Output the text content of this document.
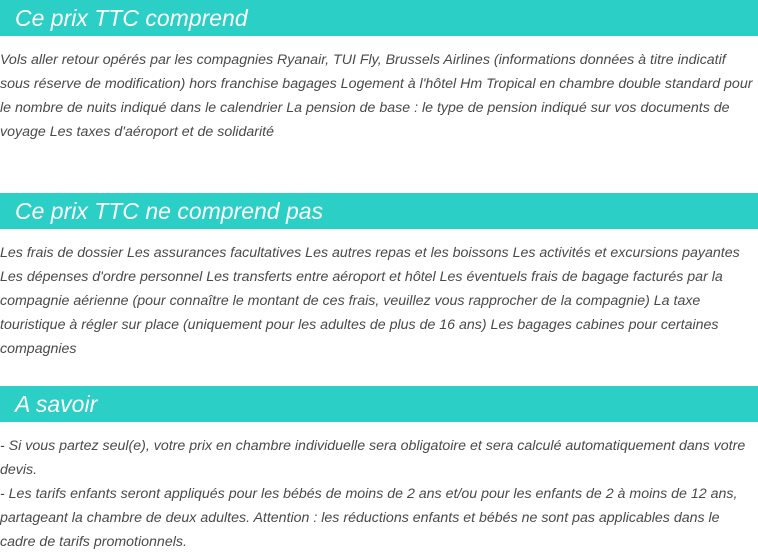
Ce prix TTC comprend

Vols aller retour opérés par les compagnies Ryanair, TUI Fly, Brussels Airlines (informations données à titre indicatif sous réserve de modification) hors franchise bagages Logement à l'hôtel Hm Tropical en chambre double standard pour le nombre de nuits indiqué dans le calendrier La pension de base : le type de pension indiqué sur vos documents de voyage Les taxes d'aéroport et de solidarité

Ce prix TTC ne comprend pas

Les frais de dossier Les assurances facultatives Les autres repas et les boissons Les activités et excursions payantes Les dépenses d'ordre personnel Les transferts entre aéroport et hôtel Les éventuels frais de bagage facturés par la compagnie aérienne (pour connaître le montant de ces frais, veuillez vous rapprocher de la compagnie) La taxe touristique à régler sur place (uniquement pour les adultes de plus de 16 ans) Les bagages cabines pour certaines compagnies

A savoir

- Si vous partez seul(e), votre prix en chambre individuelle sera obligatoire et sera calculé automatiquement dans votre devis.

- Les tarifs enfants seront appliqués pour les bébés de moins de 2 ans et/ou pour les enfants de 2 à moins de 12 ans, partageant la chambre de deux adultes. Attention : les réductions enfants et bébés ne sont pas applicables dans le cadre de tarifs promotionnels.
